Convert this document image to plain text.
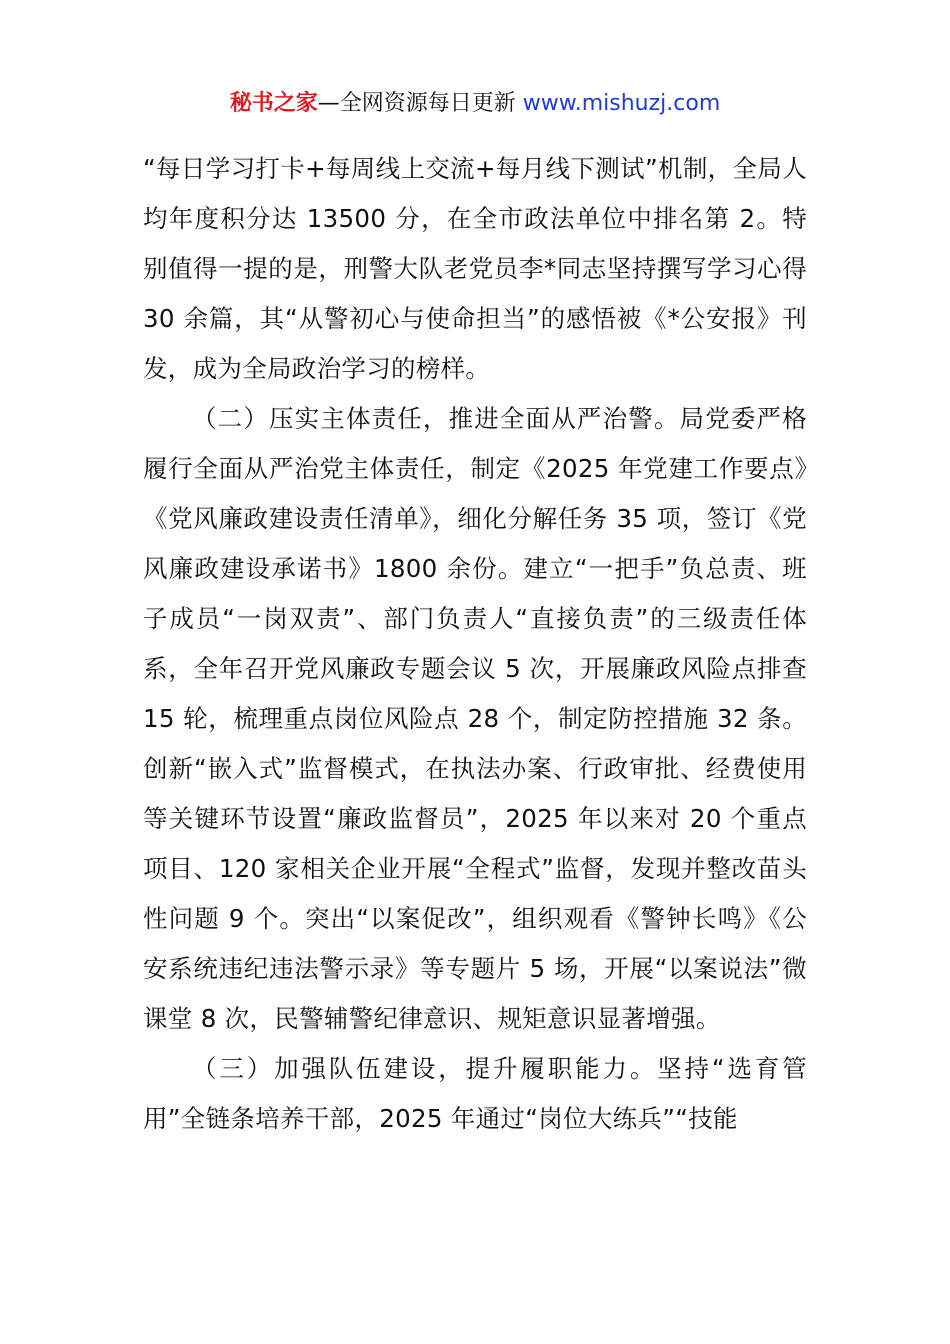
秘书之家—全网资源每日更新 www.mishuzj.com

“每日学习打卡+每周线上交流+每月线下测试”机制，全局人均年度积分达 13500 分，在全市政法单位中排名第 2。特别值得一提的是，刑警大队老党员李*同志坚持撰写学习心得 30 余篇，其“从警初心与使命担当”的感悟被《*公安报》刊发，成为全局政治学习的榜样。

（二）压实主体责任，推进全面从严治警。局党委严格履行全面从严治党主体责任，制定《2025 年党建工作要点》《党风廉政建设责任清单》，细化分解任务 35 项，签订《党风廉政建设承诺书》1800 余份。建立“一把手”负总责、班子成员“一岗双责”、部门负责人“直接负责”的三级责任体系，全年召开党风廉政专题会议 5 次，开展廉政风险点排查 15 轮，梳理重点岗位风险点 28 个，制定防控措施 32 条。创新“嵌入式”监督模式，在执法办案、行政审批、经费使用等关键环节设置“廉政监督员”，2025 年以来对 20 个重点项目、120 家相关企业开展“全程式”监督，发现并整改苗头性问题 9 个。突出“以案促改”，组织观看《警钟长鸣》《公安系统违纪违法警示录》等专题片 5 场，开展“以案说法”微课堂 8 次，民警辅警纪律意识、规矩意识显著增强。

（三）加强队伍建设，提升履职能力。坚持“选育管用”全链条培养干部，2025 年通过“岗位大练兵”“技能
